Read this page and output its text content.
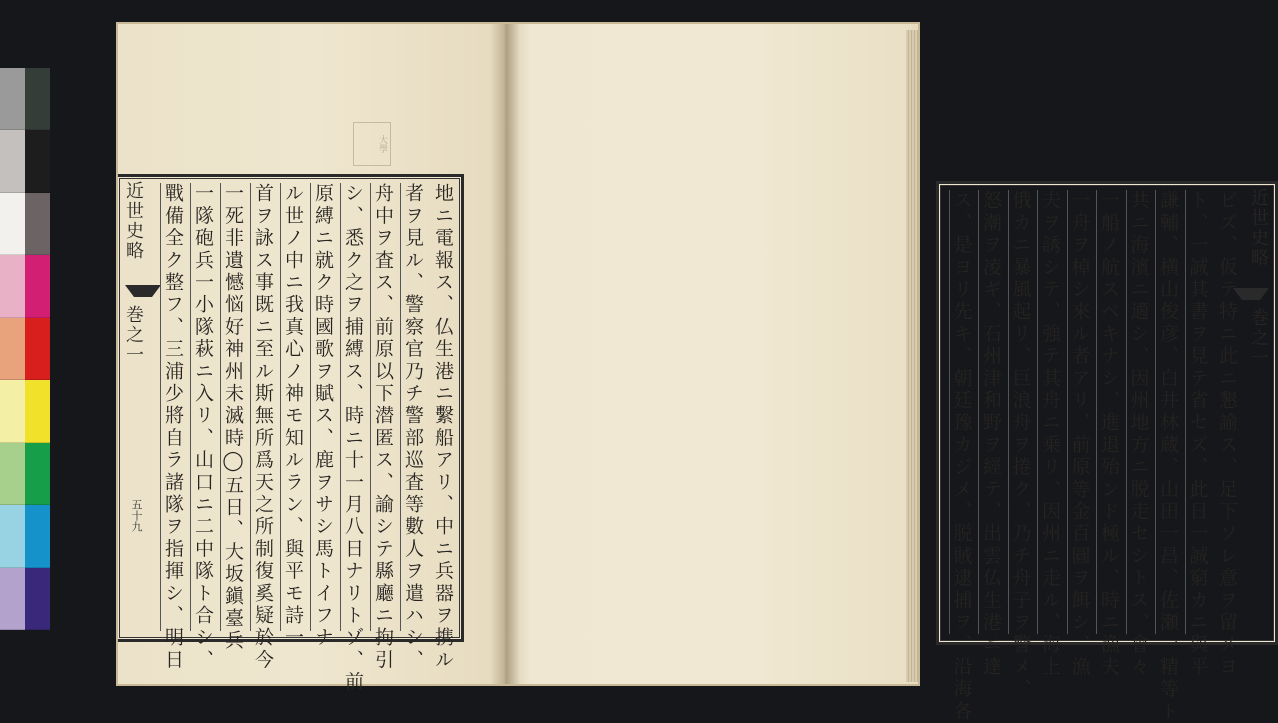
大學
近世史略
巻之一
五十九	地ニ電報ス、仏生港ニ繫船アリ、中ニ兵器ヲ携ル
者ヲ見ル、警察官乃チ警部巡査等數人ヲ遣ハシ、
舟中ヲ査ス、前原以下潜匿ス、諭シテ縣廳ニ拘引
シ、悉ク之ヲ捕縛ス、時ニ十一月八日ナリトゾ、前
原縛ニ就ク時國歌ヲ賦ス、鹿ヲサシ馬トイフナ
ル世ノ中ニ我真心ノ神モ知ルラン、與平モ詩一
首ヲ詠ス事既ニ至ル斯無所爲天之所制復奚疑於今
一死非遺憾悩好神州未滅時◯五日、大坂鎭臺兵
一隊砲兵一小隊萩ニ入リ、山口ニ二中隊ト合シ、
戰備全ク整フ、三浦少將自ラ諸隊ヲ指揮シ、明日	近世史略
巻之一
ビズ、仮テ特ニ此ニ懇諭ス、足下ソレ意ヲ留メヨ
ト、一誠其書ヲ見テ省セズ、此日一誠窮カニ與平
謙輔、横山俊彦、白井林蔵、山田一昌、佐瀬一精等ト
共ニ海濱ニ適シ、因州地方ニ脱走セシトス、會々
一船ノ航スベキナシ、進退殆ンド極ル、時ニ漁夫
一舟ヲ棹シ來ル者アリ、前原等金百圓ヲ餌シ、漁
夫ヲ誘シテ、強テ其舟ニ乗リ、因州ニ走ル、海上
俄カニ暴風起リ、巨浪舟ヲ捲ク、乃チ舟子ヲ警メ、
怒潮ヲ凌ギ、石州津和野ヲ經テ、出雲仏生港ニ達
ス、是ヨリ先キ、朝廷豫カジメ、脱賊逮捕ヲ、沿海各
